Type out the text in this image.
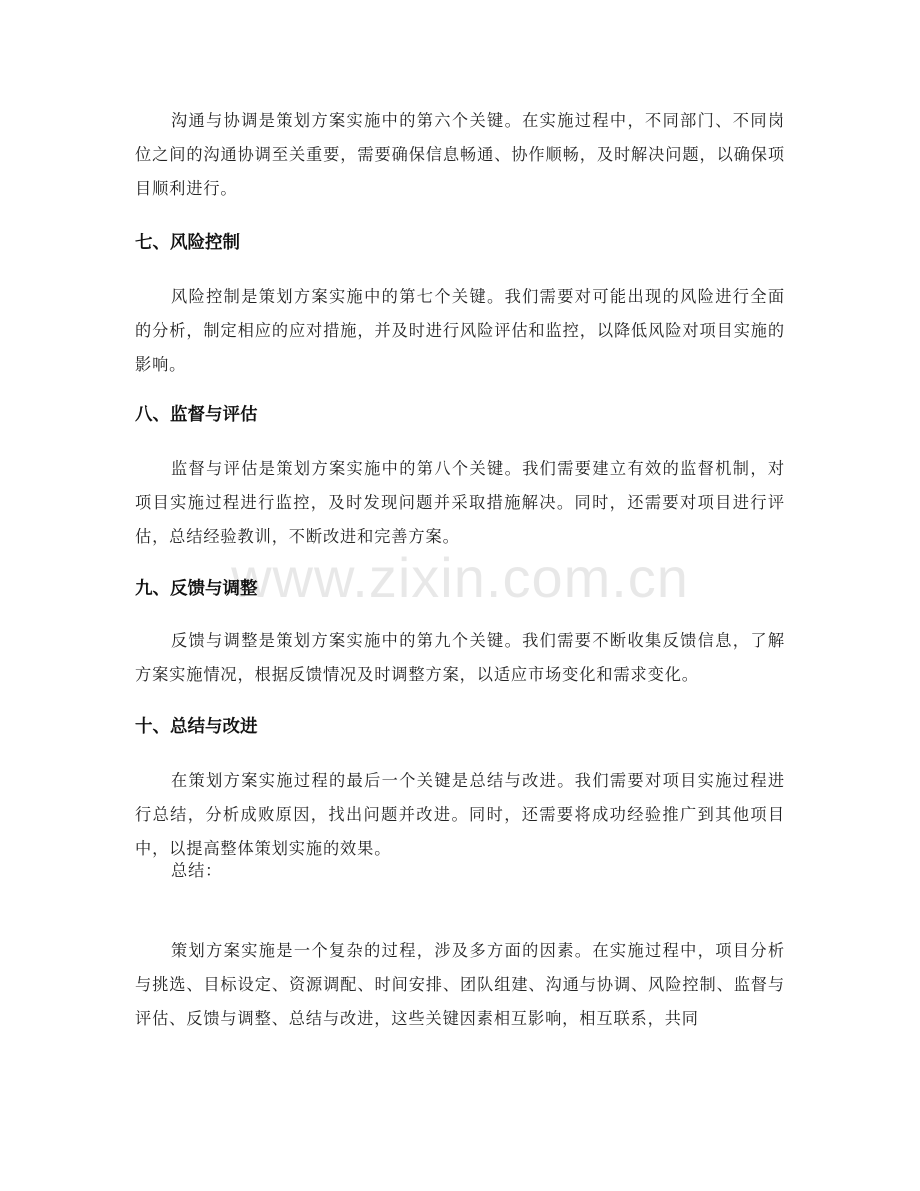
沟通与协调是策划方案实施中的第六个关键。在实施过程中，不同部门、不同岗位之间的沟通协调至关重要，需要确保信息畅通、协作顺畅，及时解决问题，以确保项目顺利进行。

七、风险控制

风险控制是策划方案实施中的第七个关键。我们需要对可能出现的风险进行全面的分析，制定相应的应对措施，并及时进行风险评估和监控，以降低风险对项目实施的影响。

八、监督与评估

监督与评估是策划方案实施中的第八个关键。我们需要建立有效的监督机制，对项目实施过程进行监控，及时发现问题并采取措施解决。同时，还需要对项目进行评估，总结经验教训，不断改进和完善方案。

九、反馈与调整

反馈与调整是策划方案实施中的第九个关键。我们需要不断收集反馈信息，了解方案实施情况，根据反馈情况及时调整方案，以适应市场变化和需求变化。

十、总结与改进

在策划方案实施过程的最后一个关键是总结与改进。我们需要对项目实施过程进行总结，分析成败原因，找出问题并改进。同时，还需要将成功经验推广到其他项目中，以提高整体策划实施的效果。

总结：

策划方案实施是一个复杂的过程，涉及多方面的因素。在实施过程中，项目分析与挑选、目标设定、资源调配、时间安排、团队组建、沟通与协调、风险控制、监督与评估、反馈与调整、总结与改进，这些关键因素相互影响，相互联系，共同

www.zixin.com.cn
